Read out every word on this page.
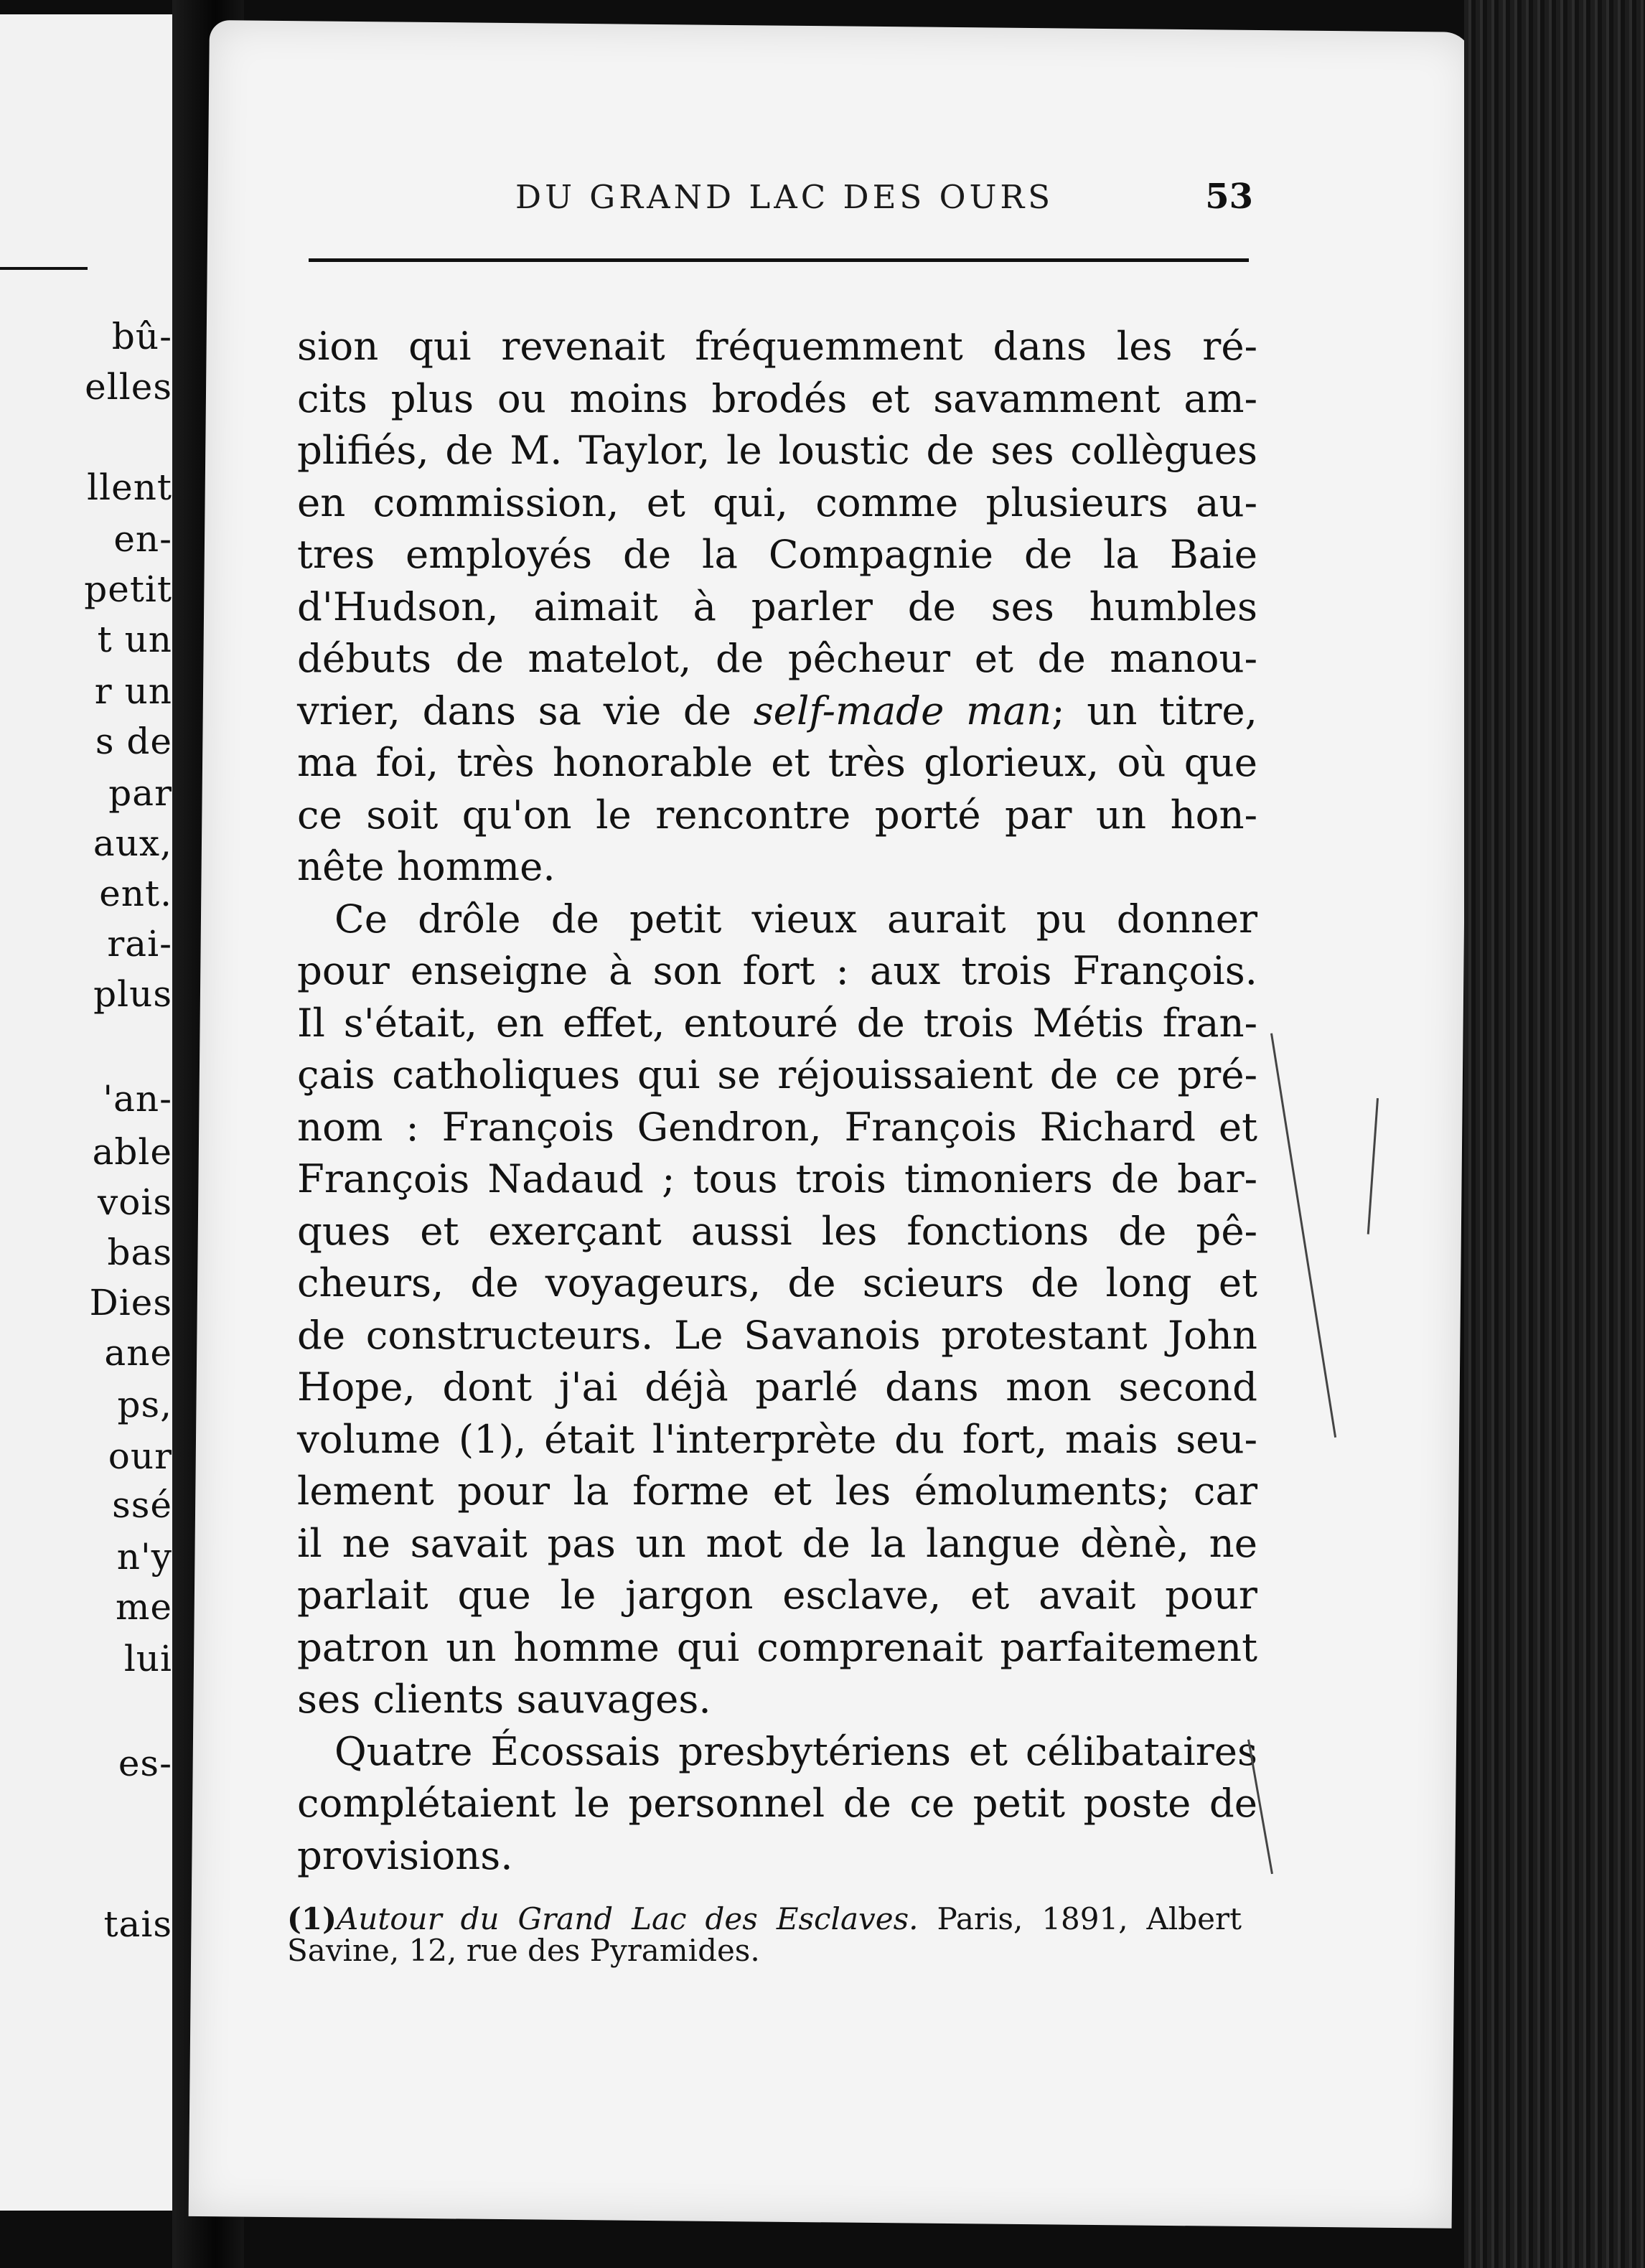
bû-
elles
llent
en-
petit
t un
r un
s de
par
aux,
ent.
rai-
plus
'an-
able
vois
bas
Dies
ane
ps,
our
ssé
n'y
me
lui
es-
tais
DU GRAND LAC DES OURS	53

sion qui revenait fréquemment dans les ré-
cits plus ou moins brodés et savamment am-
plifiés, de M. Taylor, le loustic de ses collègues
en commission, et qui, comme plusieurs au-
tres employés de la Compagnie de la Baie
d'Hudson, aimait à parler de ses humbles
débuts de matelot, de pêcheur et de manou-
vrier, dans sa vie de self-made man; un titre,
ma foi, très honorable et très glorieux, où que
ce soit qu'on le rencontre porté par un hon-
nête homme.

Ce drôle de petit vieux aurait pu donner
pour enseigne à son fort : aux trois François.
Il s'était, en effet, entouré de trois Métis fran-
çais catholiques qui se réjouissaient de ce pré-
nom : François Gendron, François Richard et
François Nadaud ; tous trois timoniers de bar-
ques et exerçant aussi les fonctions de pê-
cheurs, de voyageurs, de scieurs de long et
de constructeurs. Le Savanois protestant John
Hope, dont j'ai déjà parlé dans mon second
volume (1), était l'interprète du fort, mais seu-
lement pour la forme et les émoluments; car
il ne savait pas un mot de la langue dènè, ne
parlait que le jargon esclave, et avait pour
patron un homme qui comprenait parfaitement
ses clients sauvages.

Quatre Écossais presbytériens et célibataires
complétaient le personnel de ce petit poste de
provisions.

(1)Autour du Grand Lac des Esclaves. Paris, 1891, Albert
Savine, 12, rue des Pyramides.
